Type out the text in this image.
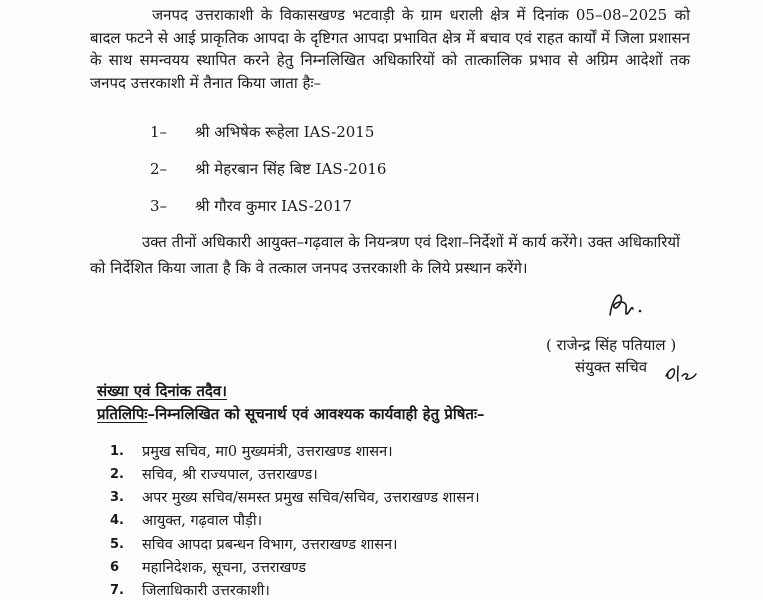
जनपद उत्तराकाशी के विकासखण्ड भटवाड़ी के ग्राम धराली क्षेत्र में दिनांक 05–08–2025 को बादल फटने से आई प्राकृतिक आपदा के दृष्टिगत आपदा प्रभावित क्षेत्र में बचाव एवं राहत कार्यों में जिला प्रशासन के साथ समन्वयय स्थापित करने हेतु निम्नलिखित अधिकारियों को तात्कालिक प्रभाव से अग्रिम आदेशों तक जनपद उत्तरकाशी में तैनात किया जाता हैः–
1–	श्री अभिषेक रूहेला IAS-2015
2–	श्री मेहरबान सिंह बिष्ट IAS-2016
3–	श्री गौरव कुमार IAS-2017
उक्त तीनों अधिकारी आयुक्त–गढ़वाल के नियन्त्रण एवं दिशा–निर्देशों में कार्य करेंगे। उक्त अधिकारियों को निर्देशित किया जाता है कि वे तत्काल जनपद उत्तरकाशी के लिये प्रस्थान करेंगे।
( राजेन्द्र सिंह पतियाल )
संयुक्त सचिव
संख्या एवं दिनांक तदैव।
प्रतिलिपिः–निम्नलिखित को सूचनार्थ एवं आवश्यक कार्यवाही हेतु प्रेषितः–
1.	प्रमुख सचिव, मा0 मुख्यमंत्री, उत्तराखण्ड शासन।
2.	सचिव, श्री राज्यपाल, उत्तराखण्ड।
3.	अपर मुख्य सचिव/समस्त प्रमुख सचिव/सचिव, उत्तराखण्ड शासन।
4.	आयुक्त, गढ़वाल पौड़ी।
5.	सचिव आपदा प्रबन्धन विभाग, उत्तराखण्ड शासन।
6	महानिदेशक, सूचना, उत्तराखण्ड
7.	जिलाधिकारी उत्तरकाशी।
